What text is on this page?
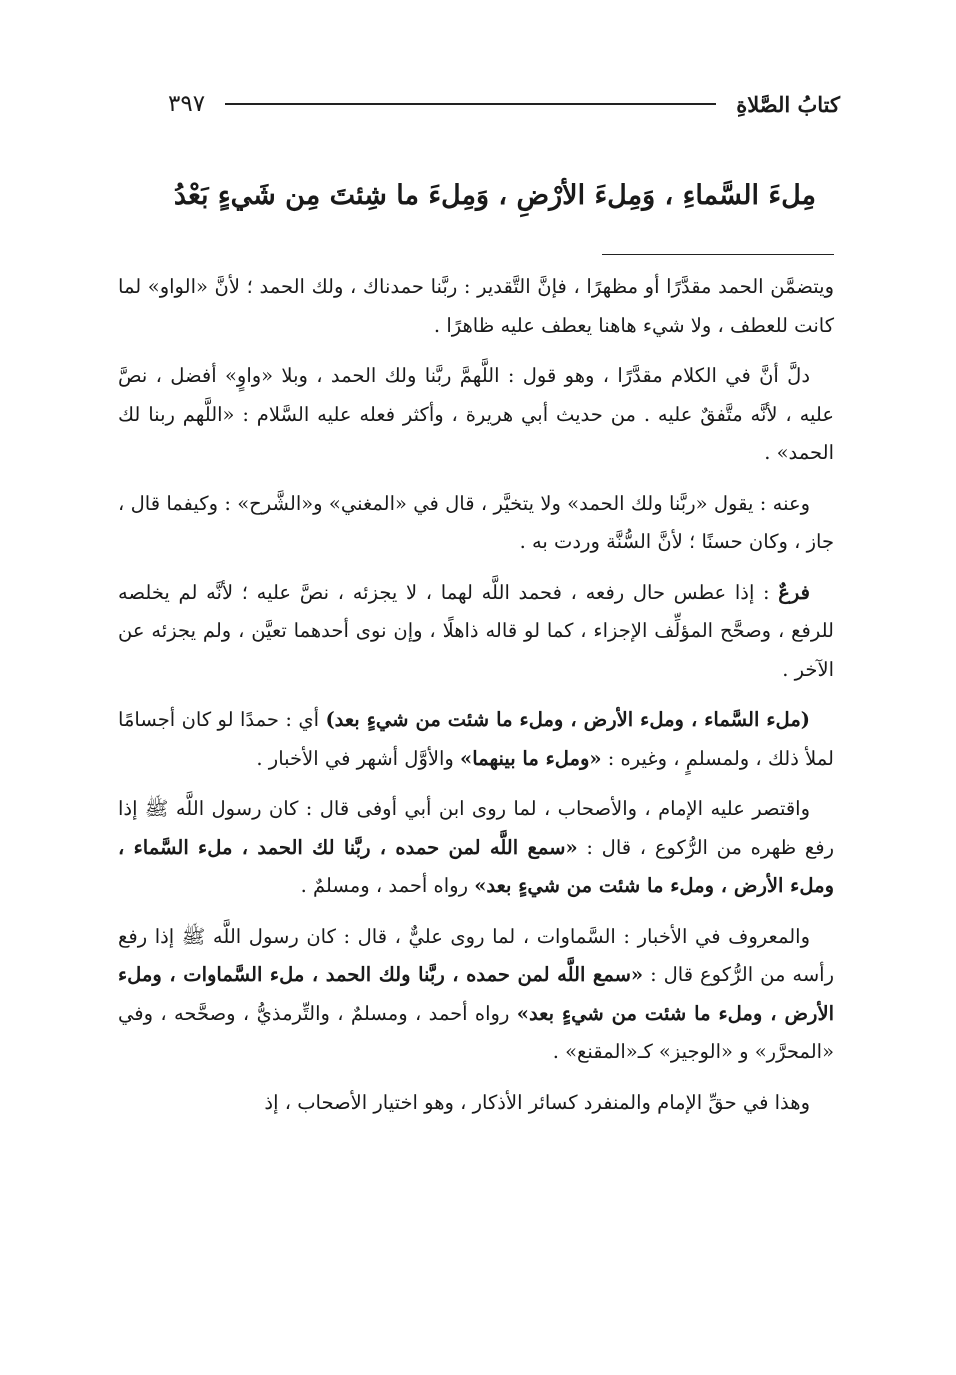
كتابُ الصَّلاةِ
٣٩٧
مِلءَ السَّماءِ ، وَمِلءَ الأرْضِ ، وَمِلءَ ما شِئتَ مِن شَيءٍ بَعْدُ

ويتضمَّن الحمد مقدَّرًا أو مظهرًا ، فإنَّ التَّقدير : ربَّنا حمدناك ، ولك الحمد ؛ لأنَّ «الواو» لما كانت للعطف ، ولا شيء هاهنا يعطف عليه ظاهرًا .

دلَّ أنَّ في الكلام مقدَّرًا ، وهو قول : اللَّهمَّ ربَّنا ولك الحمد ، وبلا «واوٍ» أفضل ، نصَّ عليه ، لأنَّه متَّفقٌ عليه . من حديث أبي هريرة ، وأكثر فعله عليه السَّلام : «اللَّهم ربنا لك الحمد» .

وعنه : يقول «ربَّنا ولك الحمد» ولا يتخيَّر ، قال في «المغني» و«الشَّرح» : وكيفما قال ، جاز ، وكان حسنًا ؛ لأنَّ السُّنَّة وردت به .

فرعٌ : إذا عطس حال رفعه ، فحمد اللَّه لهما ، لا يجزئه ، نصَّ عليه ؛ لأنَّه لم يخلصه للرفع ، وصحَّح المؤلِّف الإجزاء ، كما لو قاله ذاهلًا ، وإن نوى أحدهما تعيَّن ، ولم يجزئه عن الآخر .

(ملء السَّماء ، وملء الأرض ، وملء ما شئت من شيءٍ بعد) أي : حمدًا لو كان أجسامًا لملأ ذلك ، ولمسلمٍ ، وغيره : «وملء ما بينهما» والأوَّل أشهر في الأخبار .

واقتصر عليه الإمام ، والأصحاب ، لما روى ابن أبي أوفى قال : كان رسول اللَّه ﷺ إذا رفع ظهره من الرُّكوع ، قال : «سمع اللَّه لمن حمده ، ربَّنا لك الحمد ، ملء السَّماء ، وملء الأرض ، وملء ما شئت من شيءٍ بعد» رواه أحمد ، ومسلمٌ .

والمعروف في الأخبار : السَّماوات ، لما روى عليٌّ ، قال : كان رسول اللَّه ﷺ إذا رفع رأسه من الرُّكوع قال : «سمع اللَّه لمن حمده ، ربَّنا ولك الحمد ، ملء السَّماوات ، وملء الأرض ، وملء ما شئت من شيءٍ بعد» رواه أحمد ، ومسلمٌ ، والتِّرمذيُّ ، وصحَّحه ، وفي «المحرَّر» و «الوجيز» كـ«المقنع» .

وهذا في حقِّ الإمام والمنفرد كسائر الأذكار ، وهو اختيار الأصحاب ، إذ
